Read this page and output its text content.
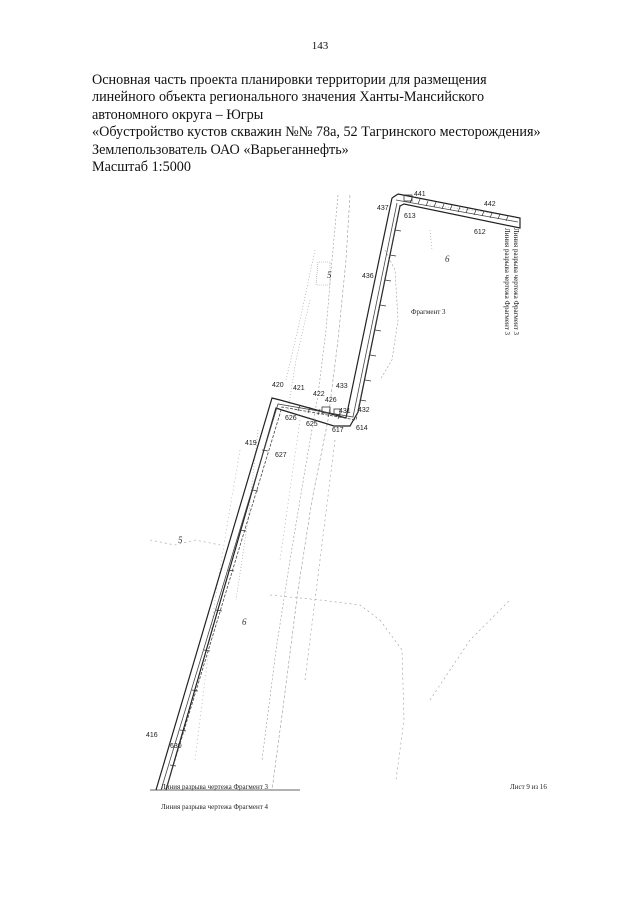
143
Основная часть проекта планировки территории для размещения
линейного объекта регионального значения Ханты-Мансийского
автономного округа – Югры
«Обустройство кустов скважин №№ 78а, 52 Тагринского месторождения»
Землепользователь ОАО «Варьеганнефть»
Масштаб 1:5000
441
442
437
613
612
436
433
432
431
614
617
625
626
426
422
421
420
419
627
416
630
5
6
5
6
Фрагмент 3	Линия разрыва чертежа Фрагмент 3
Линия разрыва чертежа Фрагмент 3
Линия разрыва чертежа Фрагмент 3
Линия разрыва чертежа Фрагмент 4
Лист 9 из 16
